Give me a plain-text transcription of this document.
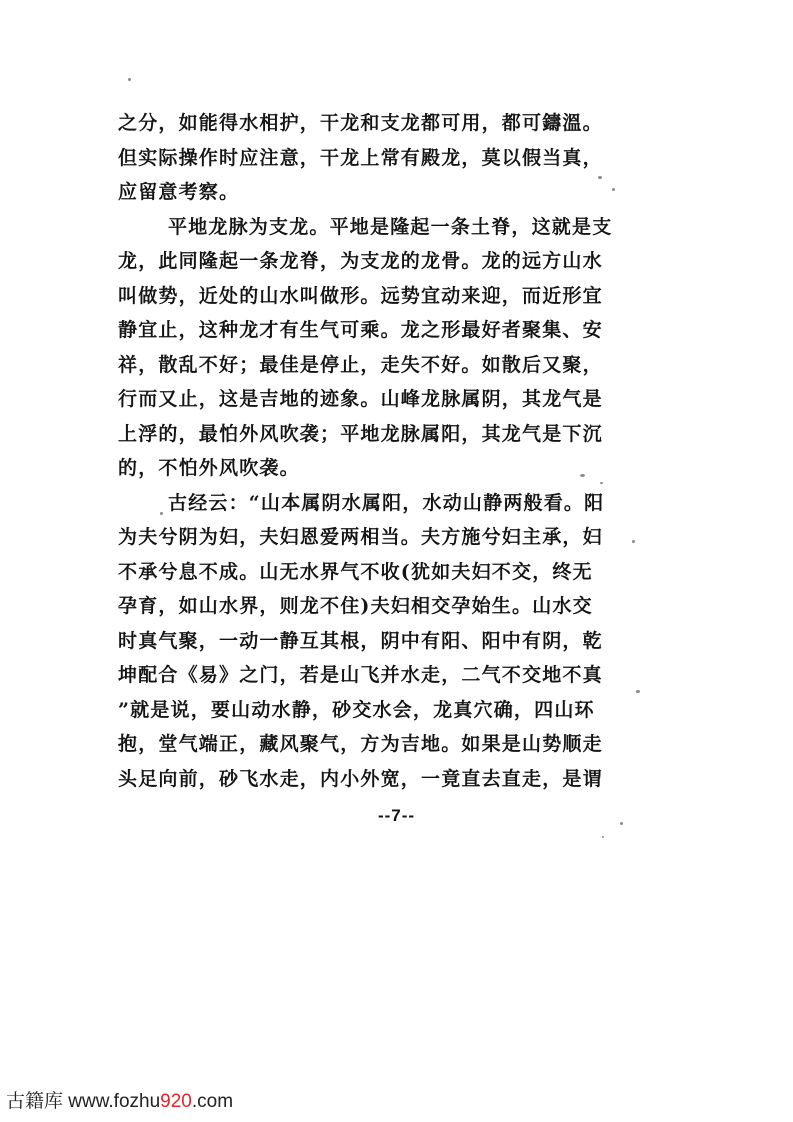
之分，如能得水相护，干龙和支龙都可用，都可鑄溫。
但实际操作时应注意，干龙上常有殿龙，莫以假当真，
应留意考察。
平地龙脉为支龙。平地是隆起一条土脊，这就是支
龙，此同隆起一条龙脊，为支龙的龙骨。龙的远方山水
叫做势，近处的山水叫做形。远势宜动来迎，而近形宜
静宜止，这种龙才有生气可乘。龙之形最好者聚集、安
祥，散乱不好；最佳是停止，走失不好。如散后又聚，
行而又止，这是吉地的迹象。山峰龙脉属阴，其龙气是
上浮的，最怕外风吹袭；平地龙脉属阳，其龙气是下沉
的，不怕外风吹袭。
古经云：“山本属阴水属阳，水动山静两般看。阳
为夫兮阴为妇，夫妇恩爱两相当。夫方施兮妇主承，妇
不承兮息不成。山无水界气不收(犹如夫妇不交，终无
孕育，如山水界，则龙不住)夫妇相交孕始生。山水交
时真气聚，一动一静互其根，阴中有阳、阳中有阴，乾
坤配合《易》之门，若是山飞并水走，二气不交地不真
”就是说，要山动水静，砂交水会，龙真穴确，四山环
抱，堂气端正，藏风聚气，方为吉地。如果是山势顺走
头足向前，砂飞水走，内小外宽，一竟直去直走，是谓
--7--
古籍库 www.fozhu920.com
